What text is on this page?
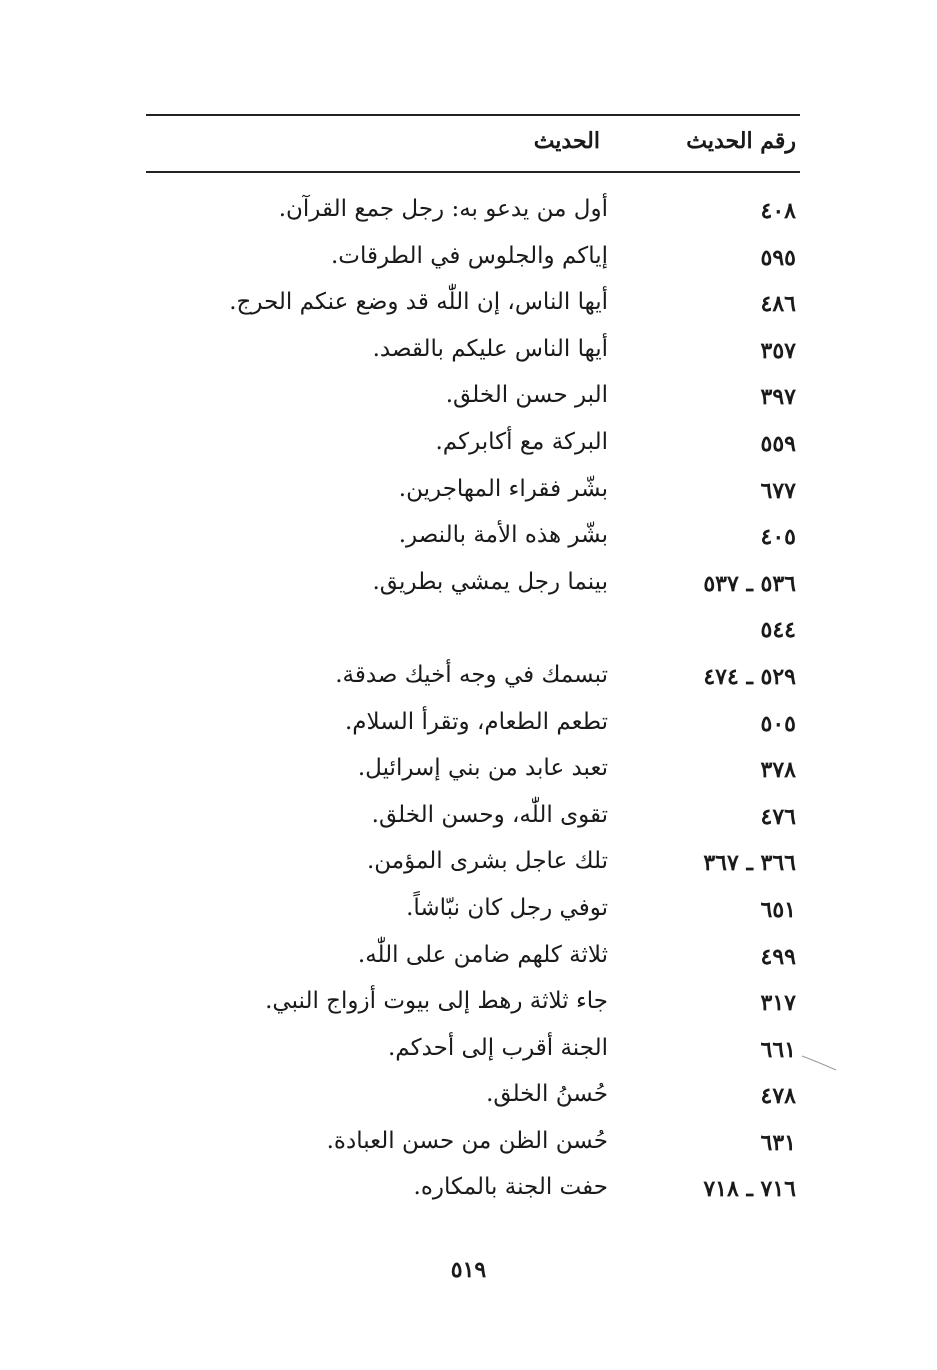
رقم الحديث
الحديث
٤٠٨
أول من يدعو به: رجل جمع القرآن.
٥٩٥
إياكم والجلوس في الطرقات.
٤٨٦
أيها الناس، إن اللّٰه قد وضع عنكم الحرج.
٣٥٧
أيها الناس عليكم بالقصد.
٣٩٧
البر حسن الخلق.
٥٥٩
البركة مع أكابركم.
٦٧٧
بشّر فقراء المهاجرين.
٤٠٥
بشّر هذه الأمة بالنصر.
٥٣٦ ـ ٥٣٧
بينما رجل يمشي بطريق.
٥٤٤
٥٢٩ ـ ٤٧٤
تبسمك في وجه أخيك صدقة.
٥٠٥
تطعم الطعام، وتقرأ السلام.
٣٧٨
تعبد عابد من بني إسرائيل.
٤٧٦
تقوى اللّٰه، وحسن الخلق.
٣٦٦ ـ ٣٦٧
تلك عاجل بشرى المؤمن.
٦٥١
توفي رجل كان نبّاشاً.
٤٩٩
ثلاثة كلهم ضامن على اللّٰه.
٣١٧
جاء ثلاثة رهط إلى بيوت أزواج النبي.
٦٦١
الجنة أقرب إلى أحدكم.
٤٧٨
حُسنُ الخلق.
٦٣١
حُسن الظن من حسن العبادة.
٧١٦ ـ ٧١٨
حفت الجنة بالمكاره.
٥١٩
